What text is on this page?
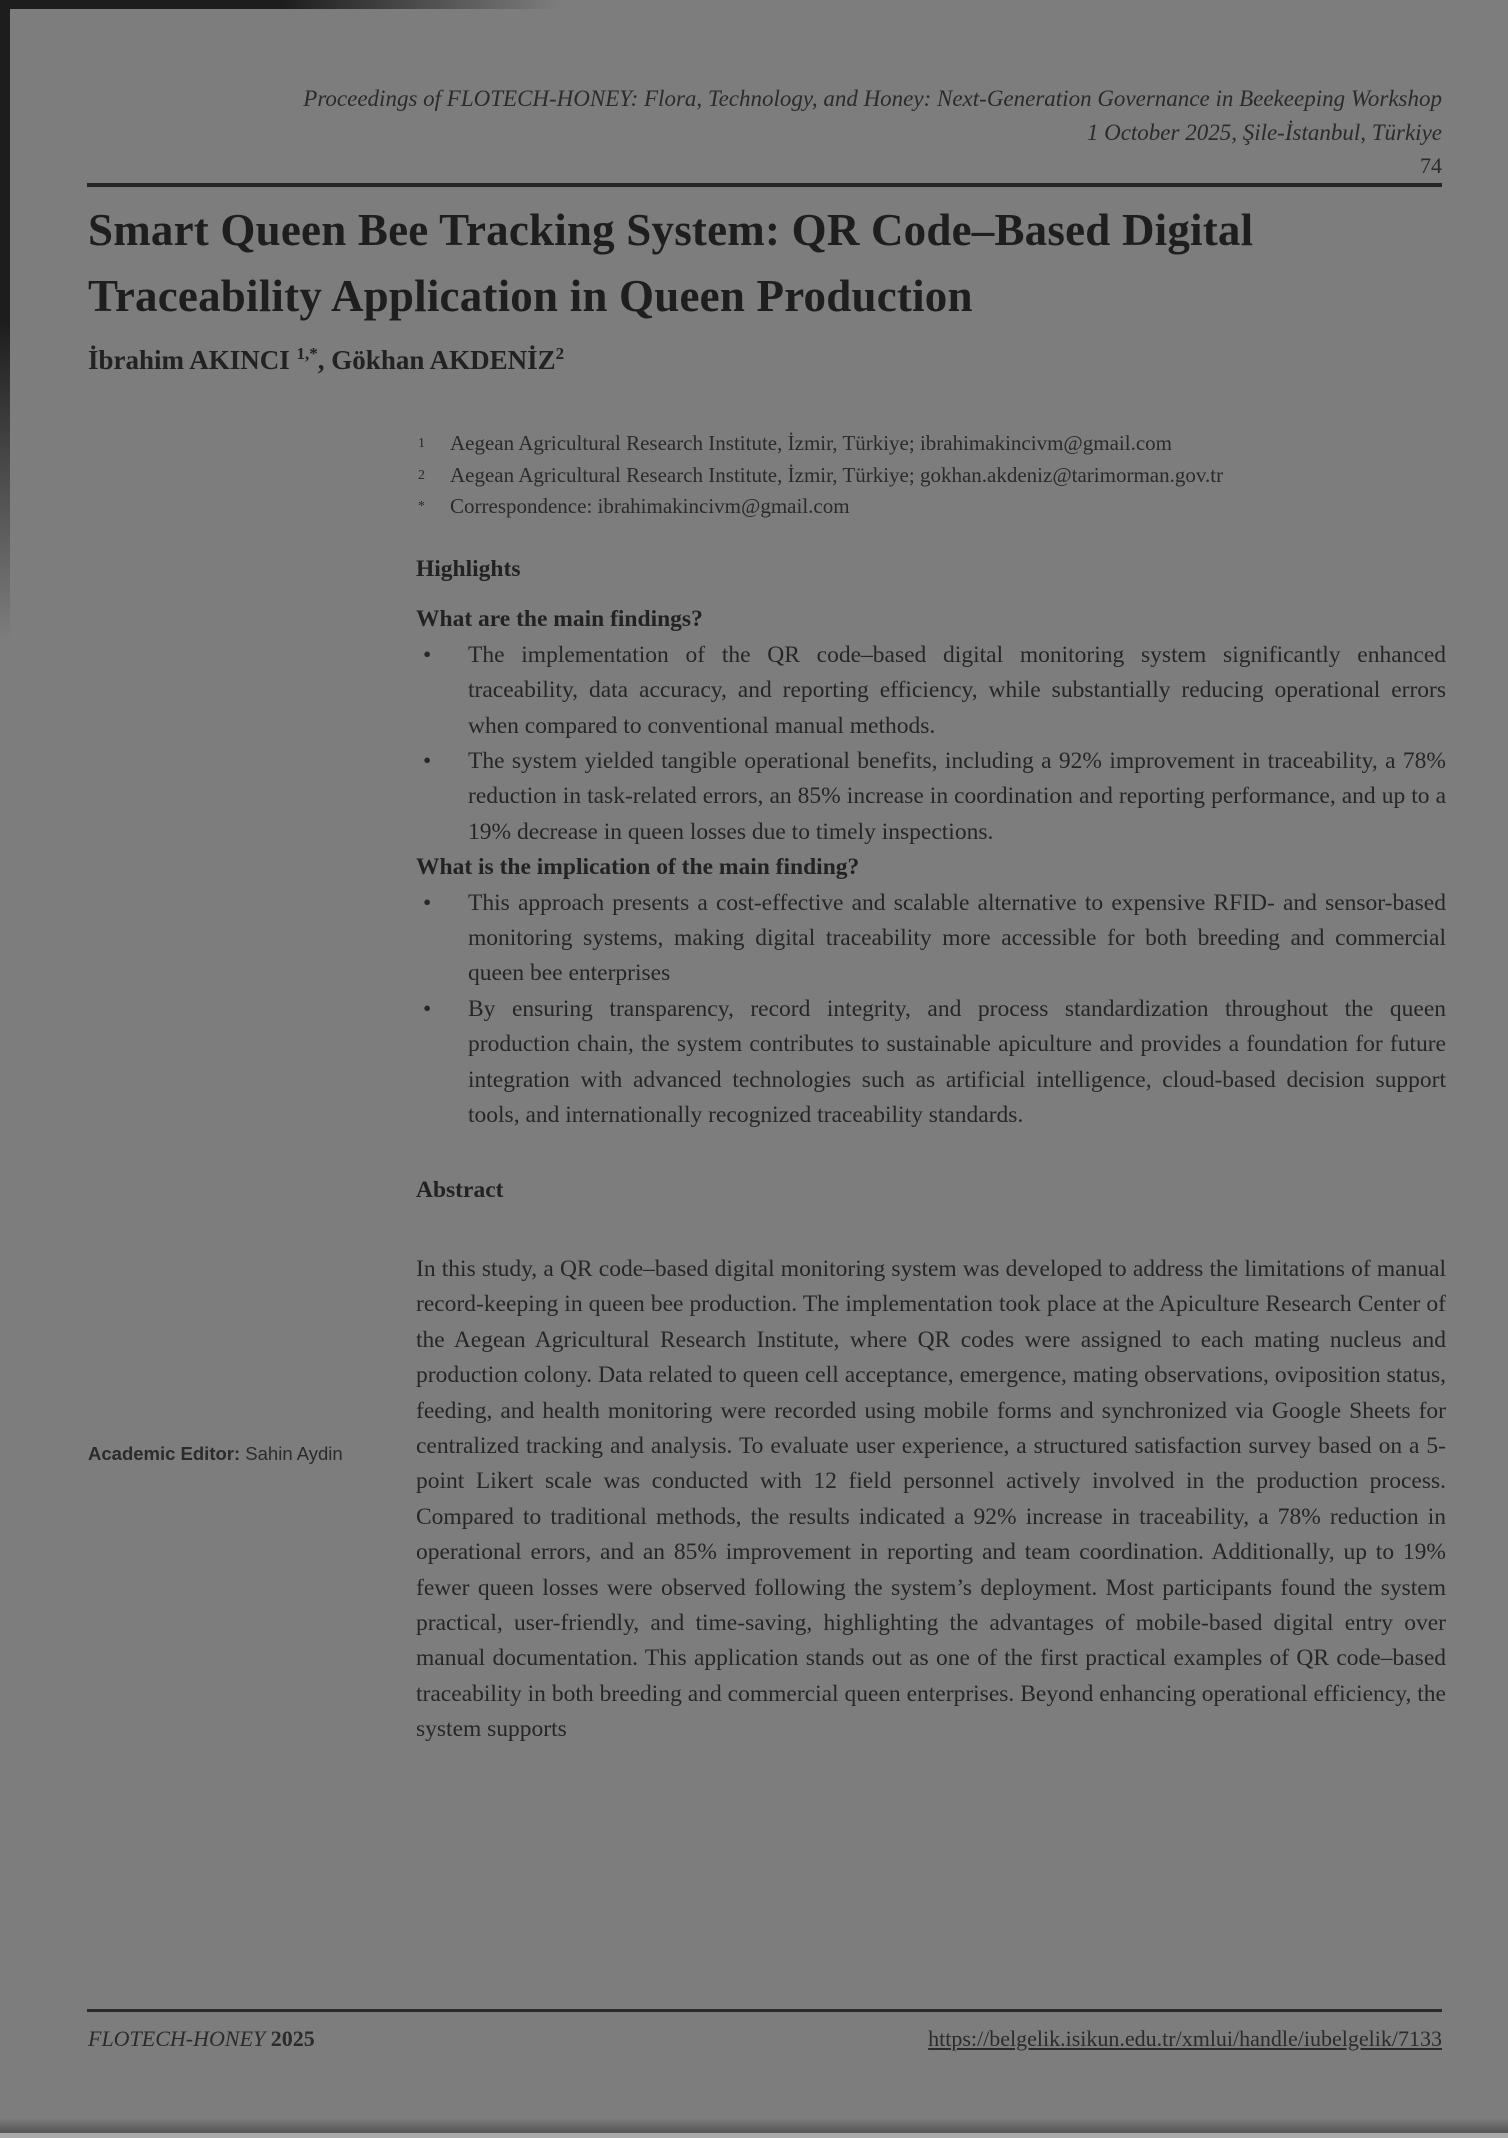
Proceedings of FLOTECH-HONEY: Flora, Technology, and Honey: Next-Generation Governance in Beekeeping Workshop
1 October 2025, Şile-İstanbul, Türkiye
74
Smart Queen Bee Tracking System: QR Code–Based Digital Traceability Application in Queen Production
İbrahim AKINCI $^{1,*}$, Gökhan AKDENİZ$^2$
1 Aegean Agricultural Research Institute, İzmir, Türkiye; ibrahimakincivm@gmail.com
2 Aegean Agricultural Research Institute, İzmir, Türkiye; gokhan.akdeniz@tarimorman.gov.tr
* Correspondence: ibrahimakincivm@gmail.com

Highlights

What are the main findings?

• The implementation of the QR code–based digital monitoring system significantly enhanced traceability, data accuracy, and reporting efficiency, while substantially reducing operational errors when compared to conventional manual methods.
• The system yielded tangible operational benefits, including a 92% improvement in traceability, a 78% reduction in task-related errors, an 85% increase in coordination and reporting performance, and up to a 19% decrease in queen losses due to timely inspections.

What is the implication of the main finding?

• This approach presents a cost-effective and scalable alternative to expensive RFID- and sensor-based monitoring systems, making digital traceability more accessible for both breeding and commercial queen bee enterprises
• By ensuring transparency, record integrity, and process standardization throughout the queen production chain, the system contributes to sustainable apiculture and provides a foundation for future integration with advanced technologies such as artificial intelligence, cloud-based decision support tools, and internationally recognized traceability standards.

Abstract

In this study, a QR code–based digital monitoring system was developed to address the limitations of manual record-keeping in queen bee production. The implementation took place at the Apiculture Research Center of the Aegean Agricultural Research Institute, where QR codes were assigned to each mating nucleus and production colony. Data related to queen cell acceptance, emergence, mating observations, oviposition status, feeding, and health monitoring were recorded using mobile forms and synchronized via Google Sheets for centralized tracking and analysis. To evaluate user experience, a structured satisfaction survey based on a 5-point Likert scale was conducted with 12 field personnel actively involved in the production process. Compared to traditional methods, the results indicated a 92% increase in traceability, a 78% reduction in operational errors, and an 85% improvement in reporting and team coordination. Additionally, up to 19% fewer queen losses were observed following the system’s deployment. Most participants found the system practical, user-friendly, and time-saving, highlighting the advantages of mobile-based digital entry over manual documentation. This application stands out as one of the first practical examples of QR code–based traceability in both breeding and commercial queen enterprises. Beyond enhancing operational efficiency, the system supports

Academic Editor: Sahin Aydin
FLOTECH-HONEY 2025	https://belgelik.isikun.edu.tr/xmlui/handle/iubelgelik/7133
